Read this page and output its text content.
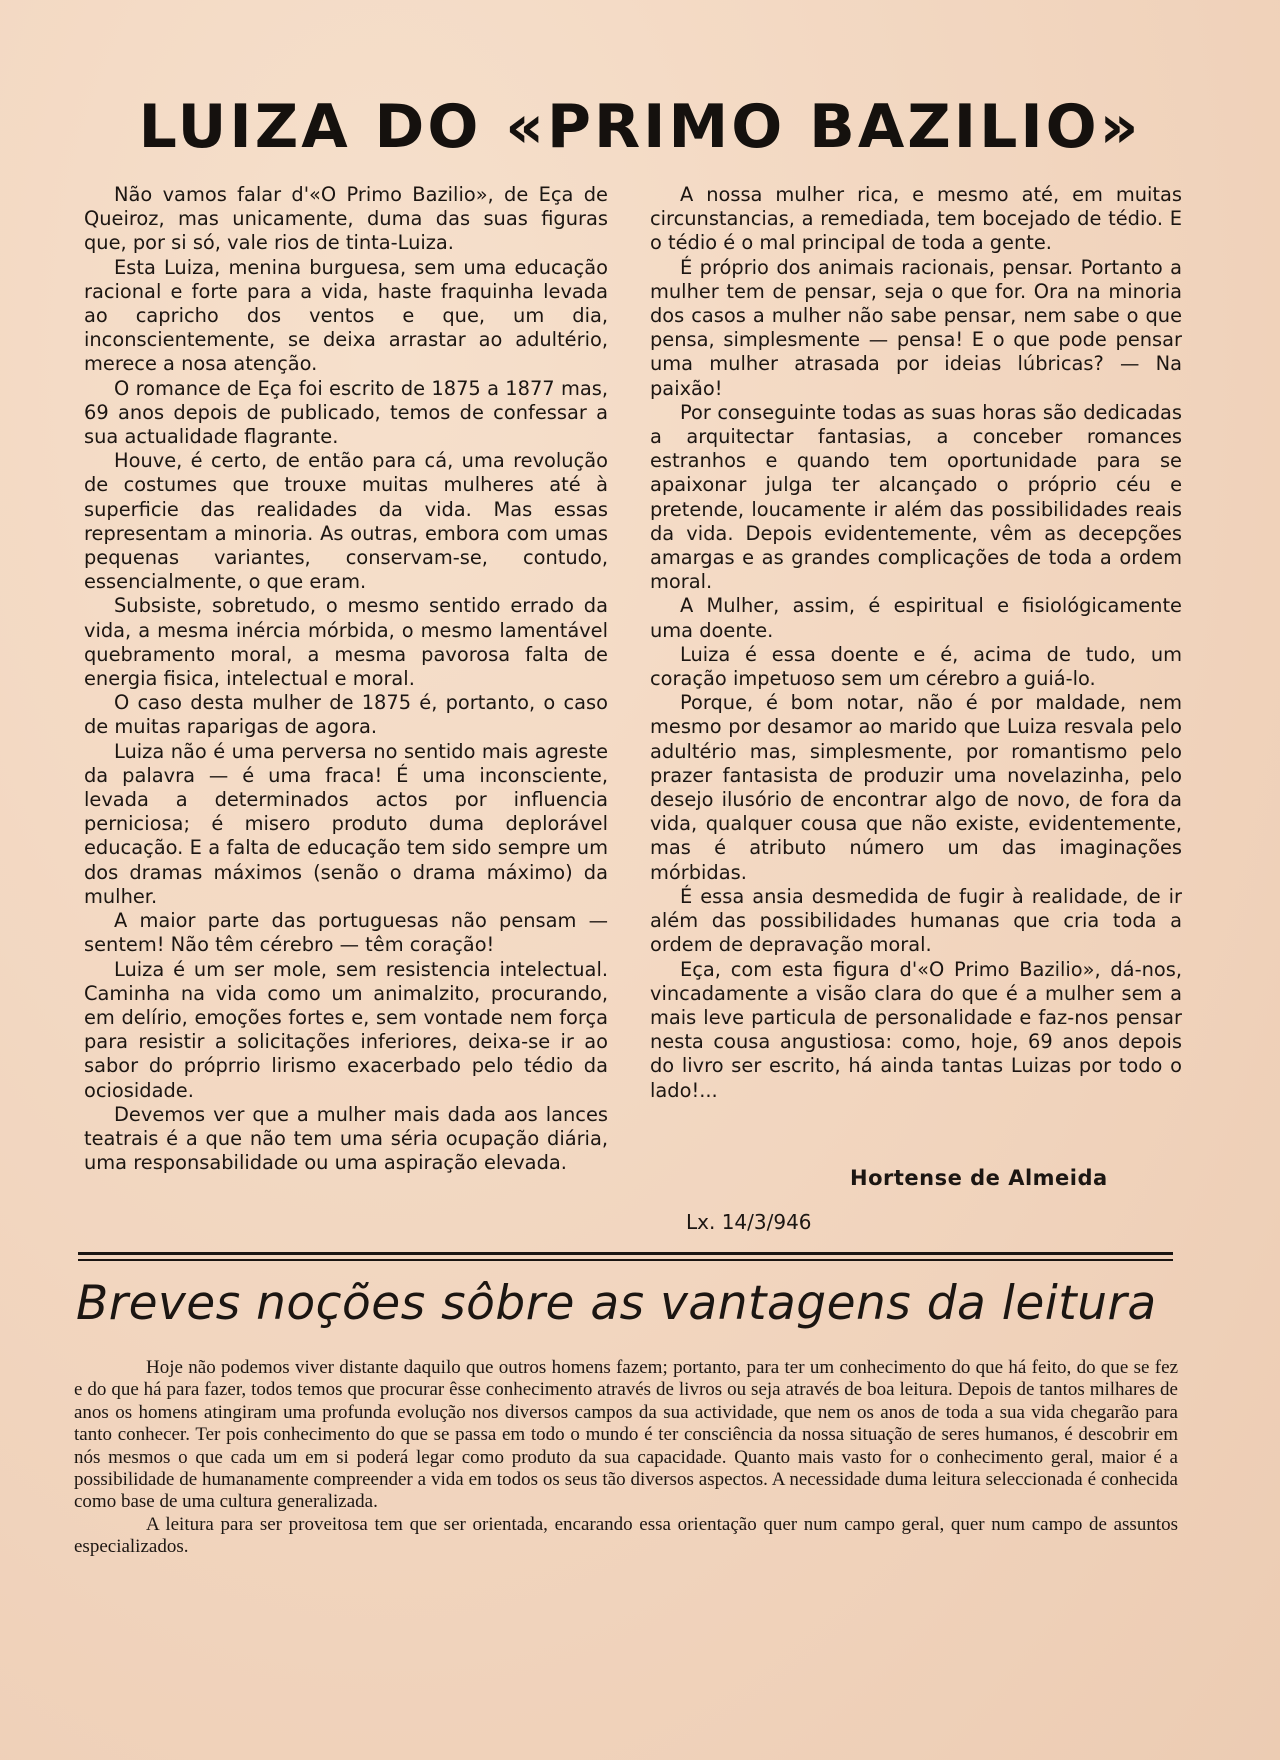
LUIZA DO «PRIMO BAZILIO»

Não vamos falar d'«O Primo Bazilio», de Eça de Queiroz, mas unicamente, duma das suas figuras que, por si só, vale rios de tinta-Luiza.

Esta Luiza, menina burguesa, sem uma educação racional e forte para a vida, haste fraquinha levada ao capricho dos ventos e que, um dia, inconscientemente, se deixa arrastar ao adultério, merece a nosa atenção.

O romance de Eça foi escrito de 1875 a 1877 mas, 69 anos depois de publicado, temos de confessar a sua actualidade flagrante.

Houve, é certo, de então para cá, uma revolução de costumes que trouxe muitas mulheres até à superficie das realidades da vida. Mas essas representam a minoria. As outras, embora com umas pequenas variantes, conservam-se, contudo, essencialmente, o que eram.

Subsiste, sobretudo, o mesmo sentido errado da vida, a mesma inércia mórbida, o mesmo lamentável quebramento moral, a mesma pavorosa falta de energia fisica, intelectual e moral.

O caso desta mulher de 1875 é, portanto, o caso de muitas raparigas de agora.

Luiza não é uma perversa no sentido mais agreste da palavra — é uma fraca! É uma inconsciente, levada a determinados actos por influencia perniciosa; é misero produto duma deplorável educação. E a falta de educação tem sido sempre um dos dramas máximos (senão o drama máximo) da mulher.

A maior parte das portuguesas não pensam — sentem! Não têm cérebro — têm coração!

Luiza é um ser mole, sem resistencia intelectual. Caminha na vida como um animalzito, procurando, em delírio, emoções fortes e, sem vontade nem força para resistir a solicitações inferiores, deixa-se ir ao sabor do próprrio lirismo exacerbado pelo tédio da ociosidade.

Devemos ver que a mulher mais dada aos lances teatrais é a que não tem uma séria ocupação diária, uma responsabilidade ou uma aspiração elevada.

A nossa mulher rica, e mesmo até, em muitas circunstancias, a remediada, tem bocejado de tédio. E o tédio é o mal principal de toda a gente.

É próprio dos animais racionais, pensar. Portanto a mulher tem de pensar, seja o que for. Ora na minoria dos casos a mulher não sabe pensar, nem sabe o que pensa, simplesmente — pensa! E o que pode pensar uma mulher atrasada por ideias lúbricas? — Na paixão!

Por conseguinte todas as suas horas são dedicadas a arquitectar fantasias, a conceber romances estranhos e quando tem oportunidade para se apaixonar julga ter alcançado o próprio céu e pretende, loucamente ir além das possibilidades reais da vida. Depois evidentemente, vêm as decepções amargas e as grandes complicações de toda a ordem moral.

A Mulher, assim, é espiritual e fisiológicamente uma doente.

Luiza é essa doente e é, acima de tudo, um coração impetuoso sem um cérebro a guiá-lo.

Porque, é bom notar, não é por maldade, nem mesmo por desamor ao marido que Luiza resvala pelo adultério mas, simplesmente, por romantismo pelo prazer fantasista de produzir uma novelazinha, pelo desejo ilusório de encontrar algo de novo, de fora da vida, qualquer cousa que não existe, evidentemente, mas é atributo número um das imaginações mórbidas.

É essa ansia desmedida de fugir à realidade, de ir além das possibilidades humanas que cria toda a ordem de depravação moral.

Eça, com esta figura d'«O Primo Bazilio», dá-nos, vincadamente a visão clara do que é a mulher sem a mais leve particula de personalidade e faz-nos pensar nesta cousa angustiosa: como, hoje, 69 anos depois do livro ser escrito, há ainda tantas Luizas por todo o lado!...

Hortense de Almeida
Lx. 14/3/946
Breves noções sôbre as vantagens da leitura

Hoje não podemos viver distante daquilo que outros homens fazem; portanto, para ter um conhecimento do que há feito, do que se fez e do que há para fazer, todos temos que procurar êsse conhecimento através de livros ou seja através de boa leitura. Depois de tantos milhares de anos os homens atingiram uma profunda evolução nos diversos campos da sua actividade, que nem os anos de toda a sua vida chegarão para tanto conhecer. Ter pois conhecimento do que se passa em todo o mundo é ter consciência da nossa situação de seres humanos, é descobrir em nós mesmos o que cada um em si poderá legar como produto da sua capacidade. Quanto mais vasto for o conhecimento geral, maior é a possibilidade de humanamente compreender a vida em todos os seus tão diversos aspectos. A necessidade duma leitura seleccionada é conhecida como base de uma cultura generalizada.

A leitura para ser proveitosa tem que ser orientada, encarando essa orientação quer num campo geral, quer num campo de assuntos especializados.
